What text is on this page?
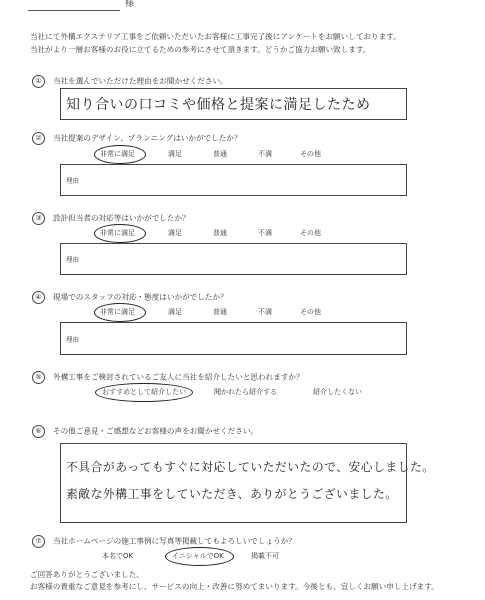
様

当社にて外構エクステリア工事をご依頼いただいたお客様に工事完了後にアンケートをお願いしております。

当社がより一層お客様のお役に立てるための参考にさせて頂きます。どうかご協力お願い致します。

① 当社を選んでいただけた理由をお聞かせください。
知り合いの口コミや価格と提案に満足したため
② 当社提案のデザイン、プランニングはいかがでしたか？
非常に満足	満足	普通	不満	その他
理由
③ 設計担当者の対応等はいかがでしたか？
非常に満足	満足	普通	不満	その他
理由
④ 現場でのスタッフの対応・態度はいかがでしたか？
非常に満足	満足	普通	不満	その他
理由
⑤ 外構工事をご検討されているご友人に当社を紹介したいと思われますか？
おすすめとして紹介したい	聞かれたら紹介する	紹介したくない
⑥ その他ご意見・ご感想などお客様の声をお聞かせください。
不具合があってもすぐに対応していただいたので、安心しました。
素敵な外構工事をしていただき、ありがとうございました。
⑦ 当社ホームページの施工事例に写真等掲載してもよろしいでしょうか？
本名でOK	イニシャルでOK	掲載不可

ご回答ありがとうございました。

お客様の貴重なご意見を参考にし、サービスの向上・改善に努めてまいります。今後とも、宜しくお願い申し上げます。
